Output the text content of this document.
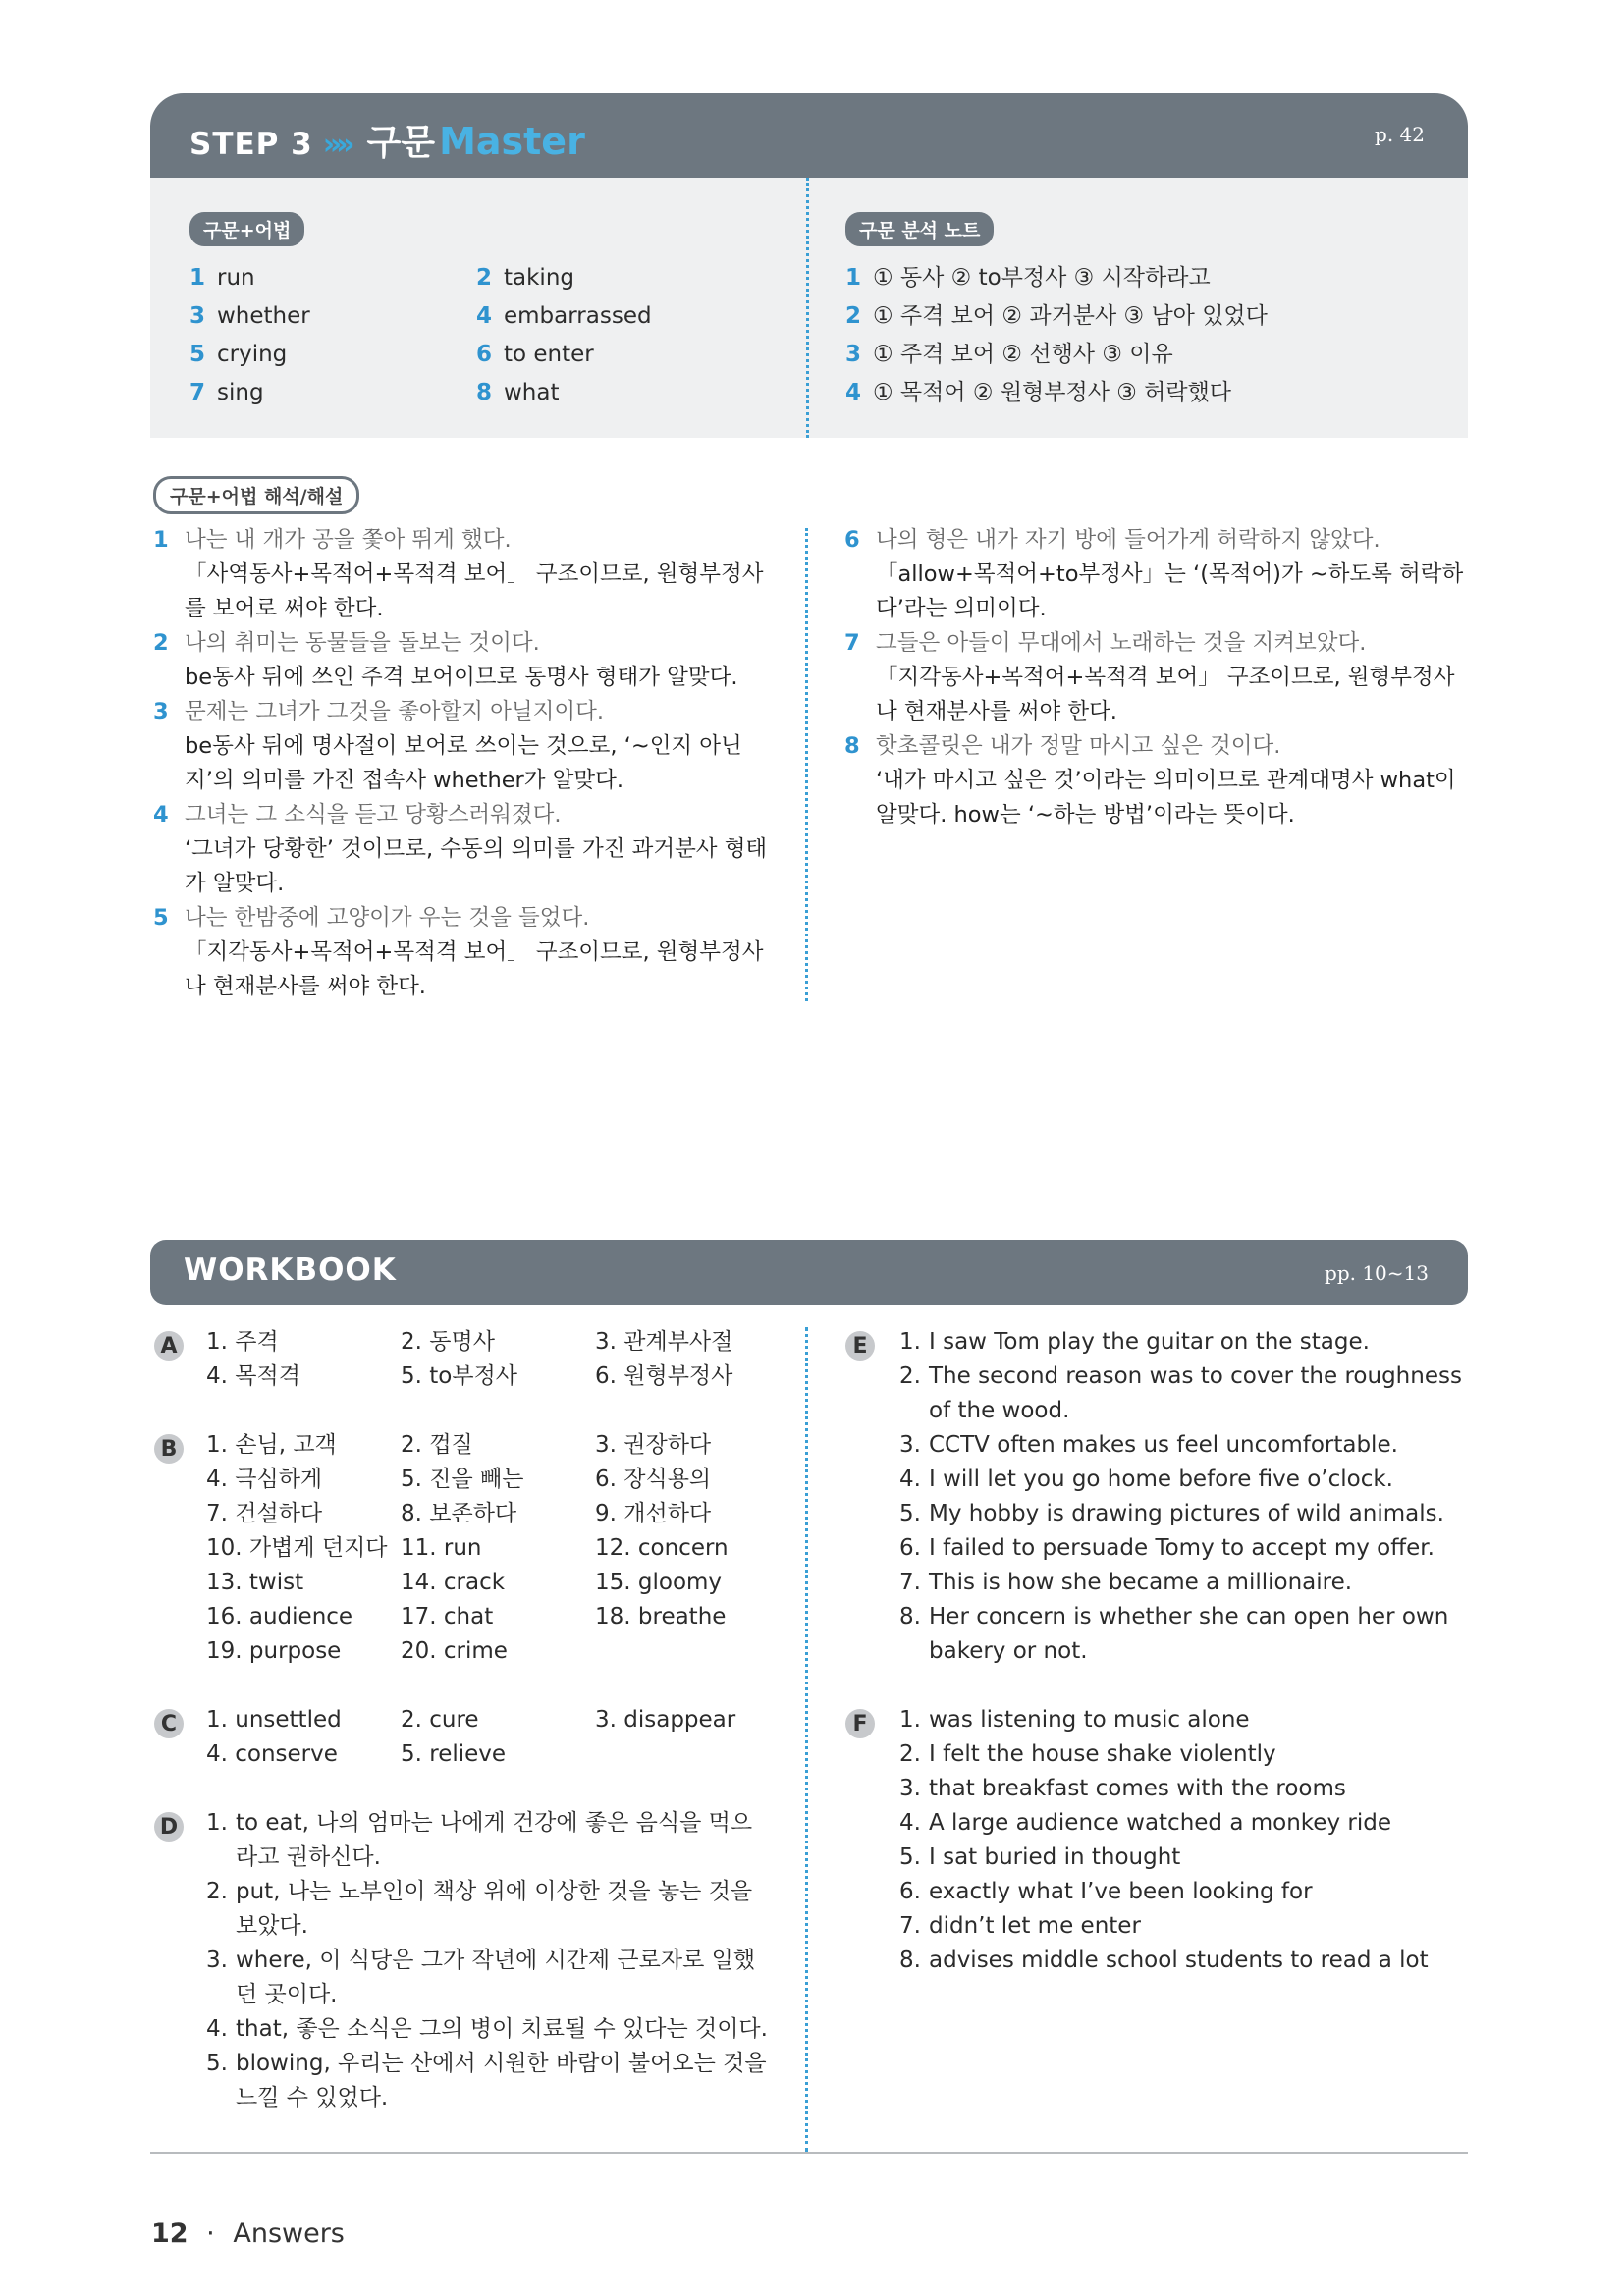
STEP 3 »» 구문 Master	p. 42
구문+어법
1 run	2 taking
3 whether	4 embarrassed
5 crying	6 to enter
7 sing	8 what
구문 분석 노트
1 ① 동사 ② to부정사 ③ 시작하라고
2 ① 주격 보어 ② 과거분사 ③ 남아 있었다
3 ① 주격 보어 ② 선행사 ③ 이유
4 ① 목적어 ② 원형부정사 ③ 허락했다
구문+어법 해석/해설
1 나는 내 개가 공을 쫓아 뛰게 했다.
「사역동사+목적어+목적격 보어」 구조이므로, 원형부정사를 보어로 써야 한다.
2 나의 취미는 동물들을 돌보는 것이다.
be동사 뒤에 쓰인 주격 보어이므로 동명사 형태가 알맞다.
3 문제는 그녀가 그것을 좋아할지 아닐지이다.
be동사 뒤에 명사절이 보어로 쓰이는 것으로, ‘~인지 아닌지’의 의미를 가진 접속사 whether가 알맞다.
4 그녀는 그 소식을 듣고 당황스러워졌다.
‘그녀가 당황한’ 것이므로, 수동의 의미를 가진 과거분사 형태가 알맞다.
5 나는 한밤중에 고양이가 우는 것을 들었다.
「지각동사+목적어+목적격 보어」 구조이므로, 원형부정사나 현재분사를 써야 한다.
6 나의 형은 내가 자기 방에 들어가게 허락하지 않았다.
「allow+목적어+to부정사」는 ‘(목적어)가 ~하도록 허락하다’라는 의미이다.
7 그들은 아들이 무대에서 노래하는 것을 지켜보았다.
「지각동사+목적어+목적격 보어」 구조이므로, 원형부정사나 현재분사를 써야 한다.
8 핫초콜릿은 내가 정말 마시고 싶은 것이다.
‘내가 마시고 싶은 것’이라는 의미이므로 관계대명사 what이 알맞다. how는 ‘~하는 방법’이라는 뜻이다.
WORKBOOK	pp. 10~13
A 1. 주격	2. 동명사	3. 관계부사절
4. 목적격	5. to부정사	6. 원형부정사
B 1. 손님, 고객	2. 껍질	3. 권장하다
4. 극심하게	5. 진을 빼는	6. 장식용의
7. 건설하다	8. 보존하다	9. 개선하다
10. 가볍게 던지다 11. run	12. concern
13. twist	14. crack	15. gloomy
16. audience	17. chat	18. breathe
19. purpose	20. crime
C	1. unsettled	2. cure	3. disappear
4. conserve	5. relieve
D 1. to eat, 나의 엄마는 나에게 건강에 좋은 음식을 먹으라고 권하신다.
2. put, 나는 노부인이 책상 위에 이상한 것을 놓는 것을 보았다.
3. where, 이 식당은 그가 작년에 시간제 근로자로 일했던 곳이다.
4. that, 좋은 소식은 그의 병이 치료될 수 있다는 것이다.
5. blowing, 우리는 산에서 시원한 바람이 불어오는 것을 느낄 수 있었다.
E	1. I saw Tom play the guitar on the stage.
2. The second reason was to cover the roughness of the wood.
3. CCTV often makes us feel uncomfortable.
4. I will let you go home before five o’clock.
5. My hobby is drawing pictures of wild animals.
6. I failed to persuade Tomy to accept my offer.
7. This is how she became a millionaire.
8. Her concern is whether she can open her own bakery or not.
F	1. was listening to music alone
2. I felt the house shake violently
3. that breakfast comes with the rooms
4. A large audience watched a monkey ride
5. I sat buried in thought
6. exactly what I’ve been looking for
7. didn’t let me enter
8. advises middle school students to read a lot
12 · Answers
